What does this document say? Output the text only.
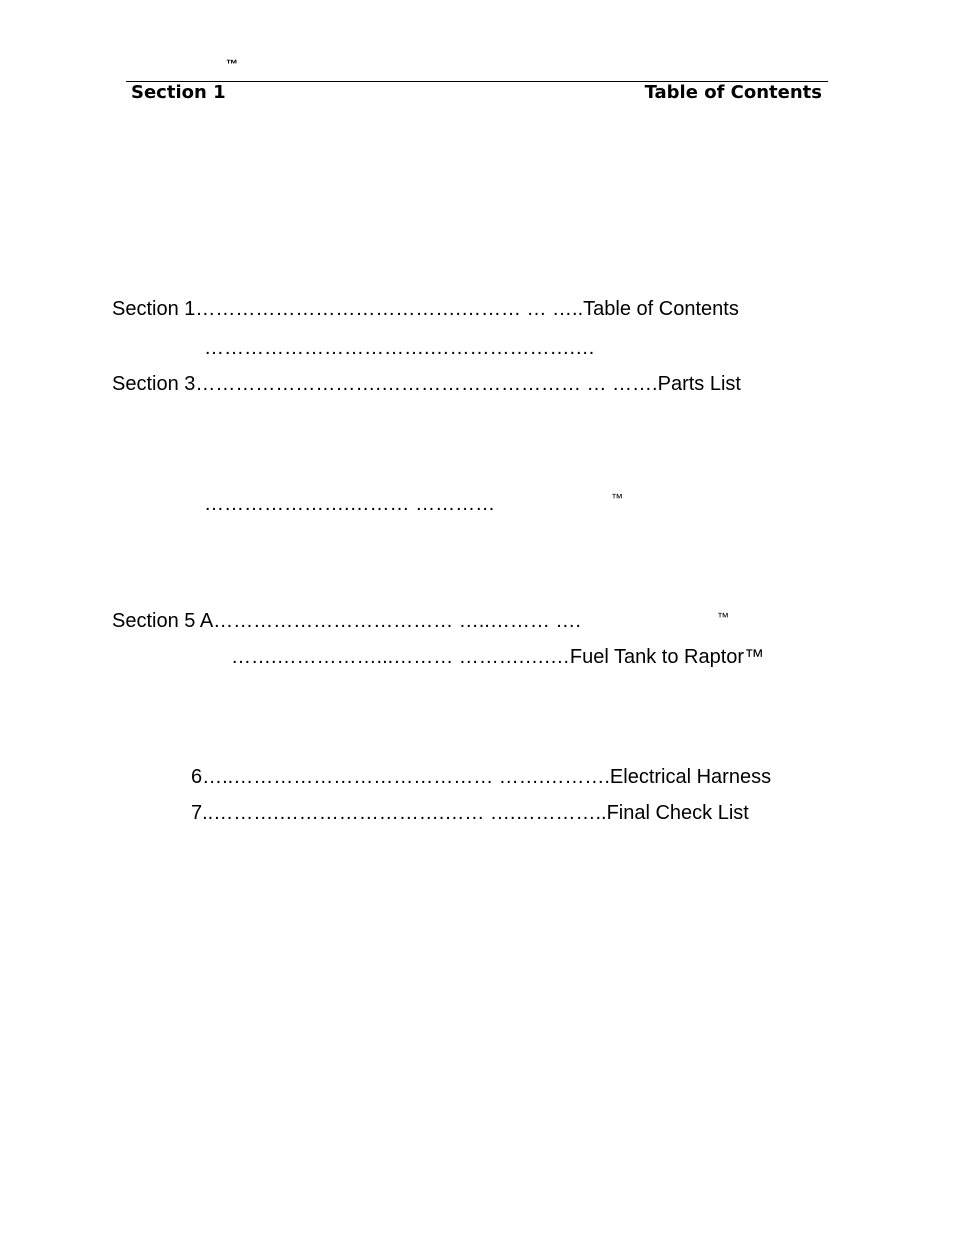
™
Section 1	Table of Contents
Section 1………………………………….……… … …..Table of Contents
…………………………….………………….…
Section 3……………………….………………………… … …….Parts List
………………….……… …………	™
Section 5 A……………………………… …..……… ….	™
…….……………...……… ……….….…Fuel Tank to Raptor™
6…..………………………………… …….……….Electrical Harness
7..……….…………………….…… ….…………..Final Check List
